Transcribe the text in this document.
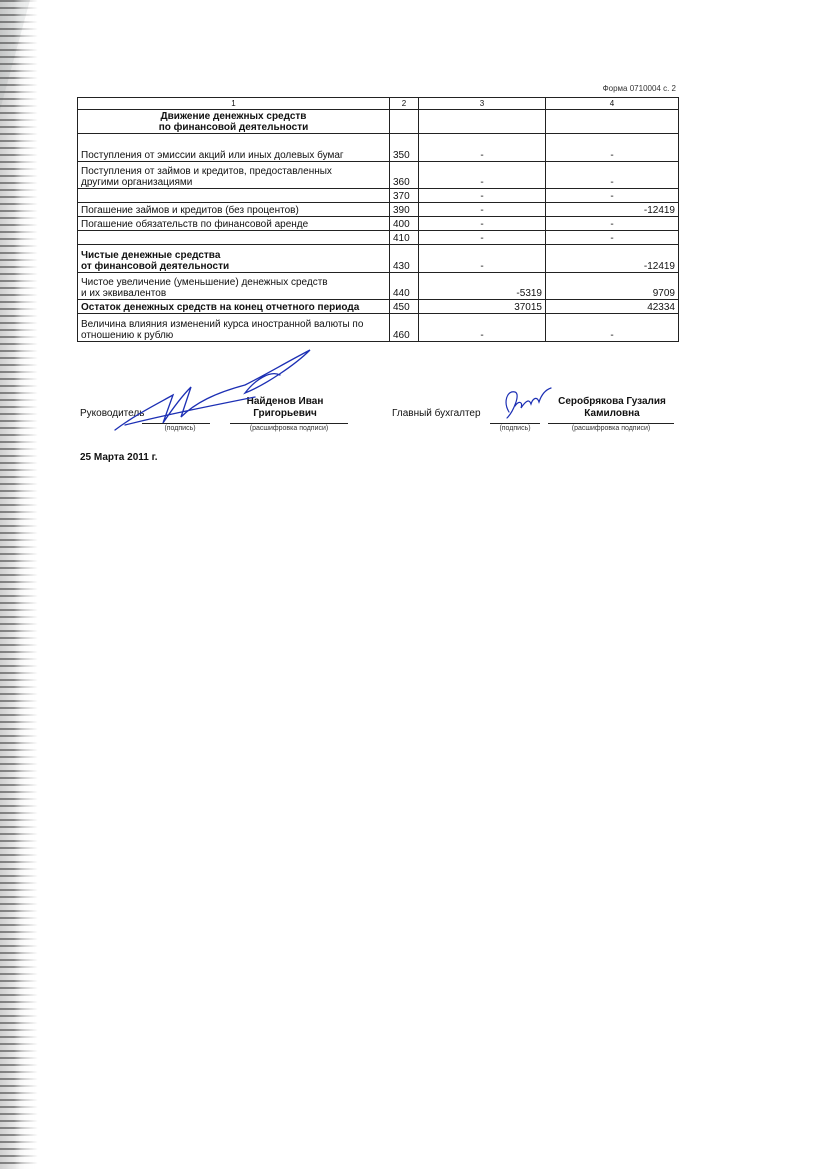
Форма 0710004 с. 2
1	2	3	4

Движение денежных средств
по финансовой деятельности			

Поступления от эмиссии акций или иных долевых бумаг	350	-	-

Поступления от займов и кредитов, предоставленных
другими организациями	360	-	-

	370	-	-

Погашение займов и кредитов (без процентов)	390	-	-12419

Погашение обязательств по финансовой аренде	400	-	-

	410	-	-

Чистые денежные средства
от финансовой деятельности	430	-	-12419

Чистое увеличение (уменьшение) денежных средств
и их эквивалентов	440	-5319	9709

Остаток денежных средств на конец отчетного периода	450	37015	42334

Величина влияния изменений курса иностранной валюты по
отношению к рублю	460	-	-
Руководитель
(подпись)
Найденов Иван
Григорьевич
(расшифровка подписи)
Главный бухгалтер
(подпись)
Серобрякова Гузалия
Камиловна
(расшифровка подписи)
25 Марта 2011 г.
